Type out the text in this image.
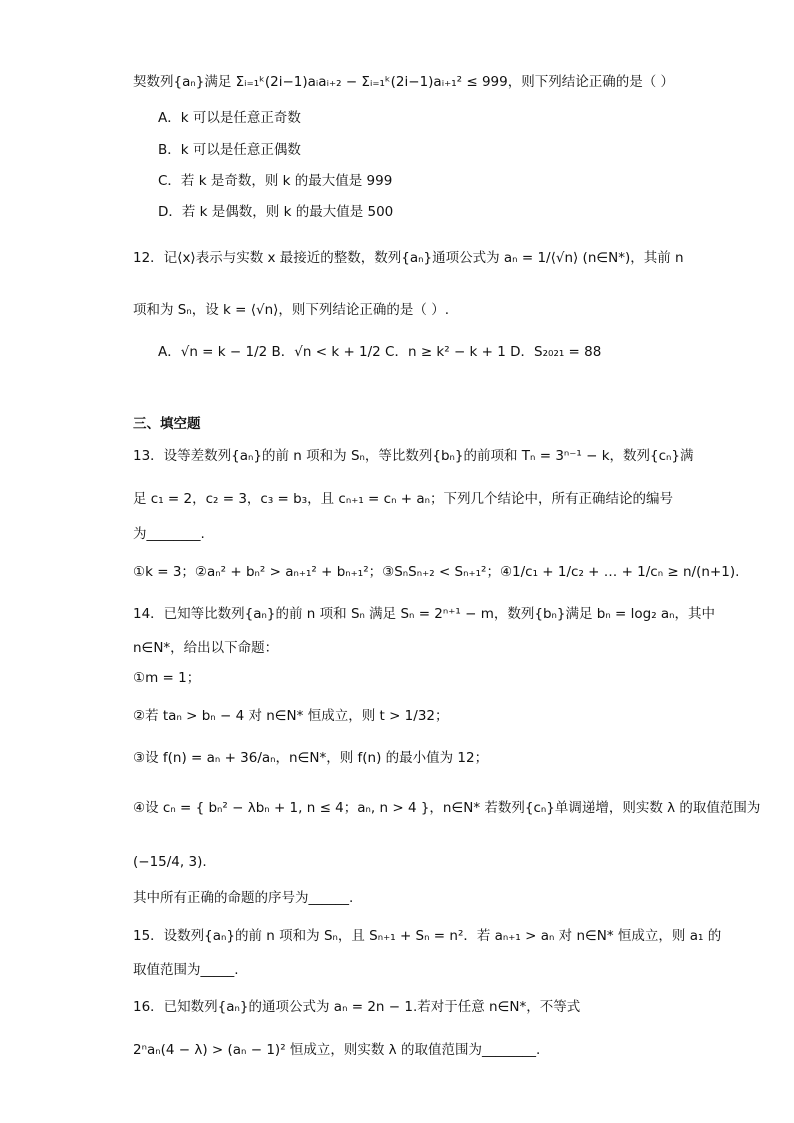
契数列{aₙ}满足 Σᵢ₌₁ᵏ(2i−1)aᵢaᵢ₊₂ − Σᵢ₌₁ᵏ(2i−1)aᵢ₊₁² ≤ 999，则下列结论正确的是（ ）
A．k 可以是任意正奇数
B．k 可以是任意正偶数
C．若 k 是奇数，则 k 的最大值是 999
D．若 k 是偶数，则 k 的最大值是 500
12．记⟨x⟩表示与实数 x 最接近的整数，数列{aₙ}通项公式为 aₙ = 1/⟨√n⟩ (n∈N*)，其前 n
项和为 Sₙ，设 k = ⟨√n⟩，则下列结论正确的是（ ）.
A．√n = k − 1/2 B．√n < k + 1/2 C．n ≥ k² − k + 1 D．S₂₀₂₁ = 88
三、填空题
13．设等差数列{aₙ}的前 n 项和为 Sₙ，等比数列{bₙ}的前项和 Tₙ = 3ⁿ⁻¹ − k，数列{cₙ}满
足 c₁ = 2，c₂ = 3，c₃ = b₃，且 cₙ₊₁ = cₙ + aₙ；下列几个结论中，所有正确结论的编号
为________.
①k = 3；②aₙ² + bₙ² > aₙ₊₁² + bₙ₊₁²；③SₙSₙ₊₂ < Sₙ₊₁²；④1/c₁ + 1/c₂ + … + 1/cₙ ≥ n/(n+1).
14．已知等比数列{aₙ}的前 n 项和 Sₙ 满足 Sₙ = 2ⁿ⁺¹ − m，数列{bₙ}满足 bₙ = log₂ aₙ，其中
n∈N*，给出以下命题：
①m = 1；
②若 taₙ > bₙ − 4 对 n∈N* 恒成立，则 t > 1/32；
③设 f(n) = aₙ + 36/aₙ，n∈N*，则 f(n) 的最小值为 12；
④设 cₙ = { bₙ² − λbₙ + 1, n ≤ 4；aₙ, n > 4 }，n∈N* 若数列{cₙ}单调递增，则实数 λ 的取值范围为
(−15/4, 3).
其中所有正确的命题的序号为______.
15．设数列{aₙ}的前 n 项和为 Sₙ，且 Sₙ₊₁ + Sₙ = n²．若 aₙ₊₁ > aₙ 对 n∈N* 恒成立，则 a₁ 的
取值范围为_____.
16．已知数列{aₙ}的通项公式为 aₙ = 2n − 1.若对于任意 n∈N*，不等式
2ⁿaₙ(4 − λ) > (aₙ − 1)² 恒成立，则实数 λ 的取值范围为________.
